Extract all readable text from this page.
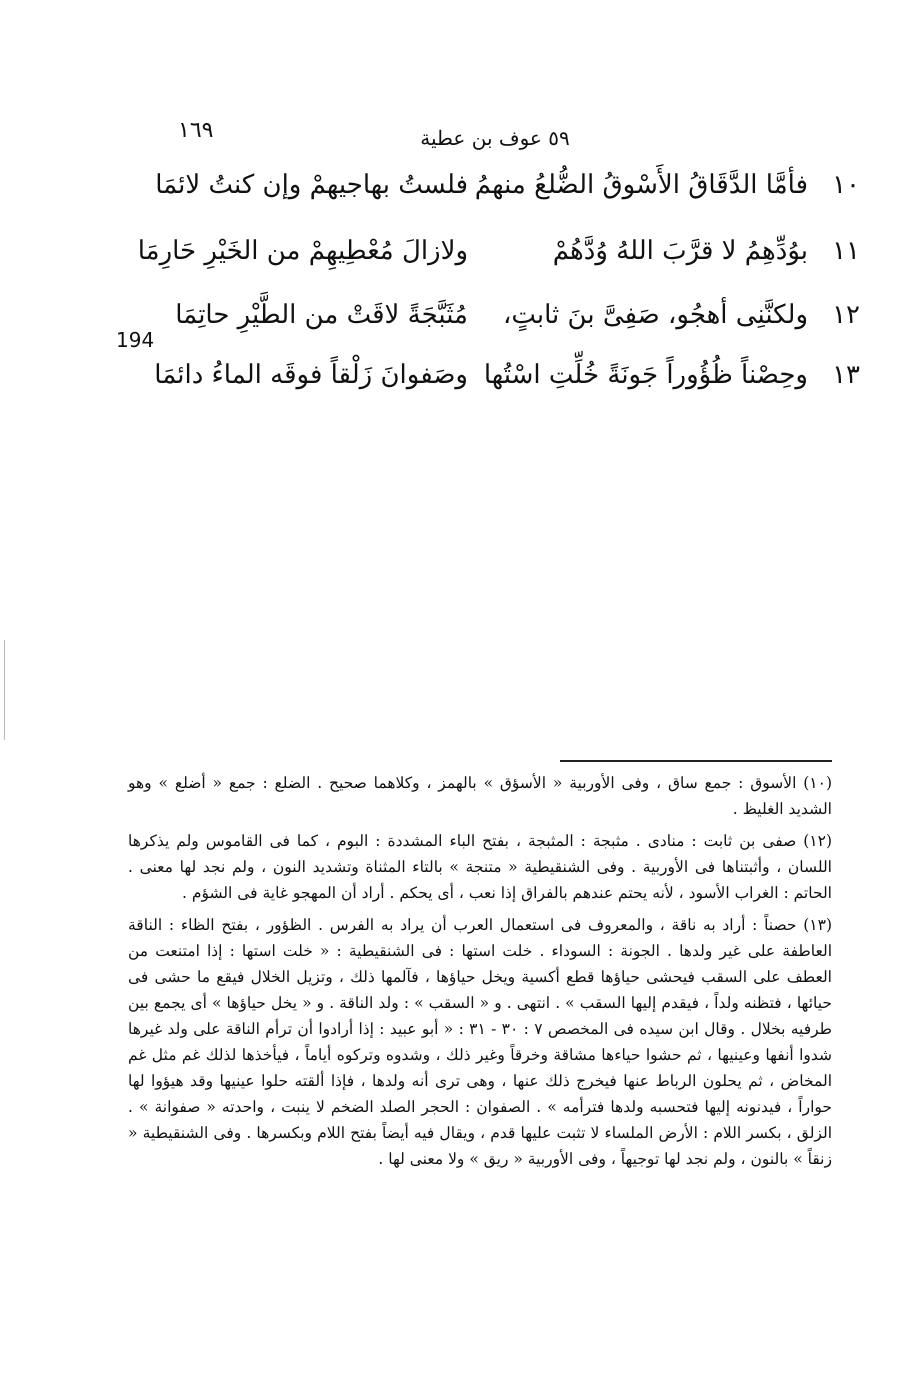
١٦٩	٥٩ عوف بن عطية
194
١٠
فأمَّا الدَّقَاقُ الأَسْوقُ الضُّلعُ منهمُ
فلستُ بهاجيهمْ وإن كنتُ لائمَا
١١
بوُدِّهِمُ لا قرَّبَ اللهُ وُدَّهُمْ
ولازالَ مُعْطِيهِمْ من الخَيْرِ حَارِمَا
١٢
ولكنَّنِى أهجُو، صَفِىَّ بنَ ثابتٍ،
مُثَبَّجَةً لاقَتْ من الطَّيْرِ حاتِمَا
١٣
وحِصْناً ظُؤُوراً جَونَةً خُلِّتِ اسْتُها
وصَفوانَ زَلْقاً فوقَه الماءُ دائمَا

(١٠) الأسوق : جمع ساق ، وفى الأوربية « الأسؤق » بالهمز ، وكلاهما صحيح . الضلع : جمع « أضلع » وهو الشديد الغليظ .

(١٢) صفى بن ثابت : منادى . مثبجة : المثبجة ، بفتح الباء المشددة : البوم ، كما فى القاموس ولم يذكرها اللسان ، وأثبتناها فى الأوربية . وفى الشنقيطية « متنجة » بالتاء المثناة وتشديد النون ، ولم نجد لها معنى . الحاتم : الغراب الأسود ، لأنه يحتم عندهم بالفراق إذا نعب ، أى يحكم . أراد أن المهجو غاية فى الشؤم .

(١٣) حصناً : أراد به ناقة ، والمعروف فى استعمال العرب أن يراد به الفرس . الظؤور ، بفتح الظاء : الناقة العاطفة على غير ولدها . الجونة : السوداء . خلت استها : فى الشنقيطية : « خلت استها : إذا امتنعت من العطف على السقب فيحشى حياؤها قطع أكسية ويخل حياؤها ، فآلمها ذلك ، وتزيل الخلال فيقع ما حشى فى حيائها ، فتظنه ولداً ، فيقدم إليها السقب » . انتهى . و « السقب » : ولد الناقة . و « يخل حياؤها » أى يجمع بين طرفيه بخلال . وقال ابن سيده فى المخصص ٧ : ٣٠ - ٣١ : « أبو عبيد : إذا أرادوا أن ترأم الناقة على ولد غيرها شدوا أنفها وعينيها ، ثم حشوا حياءها مشاقة وخرقاً وغير ذلك ، وشدوه وتركوه أياماً ، فيأخذها لذلك غم مثل غم المخاض ، ثم يحلون الرباط عنها فيخرج ذلك عنها ، وهى ترى أنه ولدها ، فإذا ألقته حلوا عينيها وقد هيؤوا لها حواراً ، فيدنونه إليها فتحسبه ولدها فترأمه » . الصفوان : الحجر الصلد الضخم لا ينبت ، واحدته « صفوانة » . الزلق ، بكسر اللام : الأرض الملساء لا تثبت عليها قدم ، ويقال فيه أيضاً بفتح اللام وبكسرها . وفى الشنقيطية « زنقاً » بالنون ، ولم نجد لها توجيهاً ، وفى الأوربية « ريق » ولا معنى لها .
